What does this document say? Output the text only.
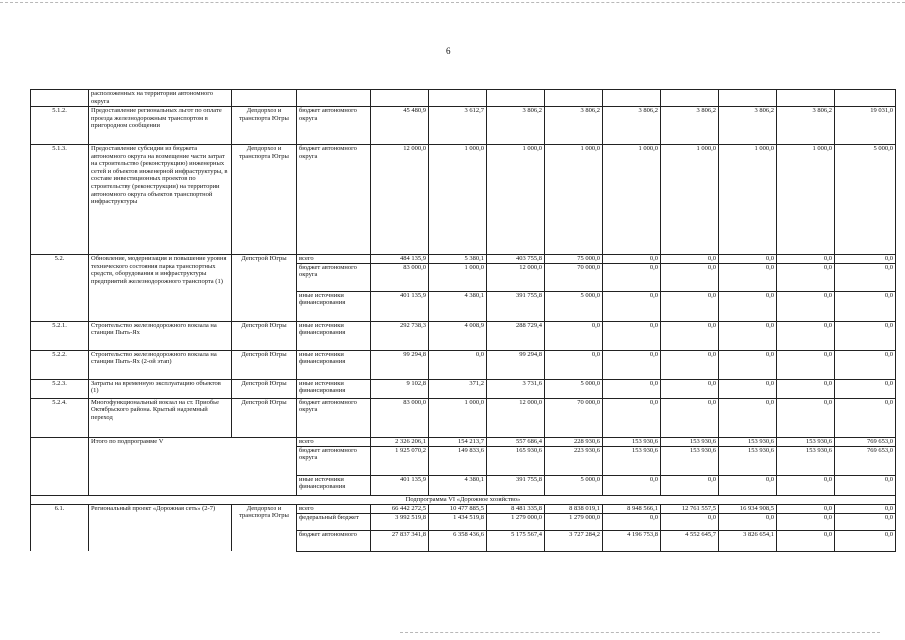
6
	расположенных на территории автономного округа											
5.1.2.	Предоставление региональных льгот по оплате проезда железнодорожным транспортом в пригородном сообщении	Депдорхоз и транспорта Югры	бюджет автономного округа	45 480,9	3 612,7	3 806,2	3 806,2	3 806,2	3 806,2	3 806,2	3 806,2	19 031,0
5.1.3.	Предоставление субсидии из бюджета автономного округа на возмещение части затрат на строительство (реконструкцию) инженерных сетей и объектов инженерной инфраструктуры, в составе инвестиционных проектов по строительству (реконструкции) на территории автономного округа объектов транспортной инфраструктуры	Депдорхоз и транспорта Югры	бюджет автономного округа	12 000,0	1 000,0	1 000,0	1 000,0	1 000,0	1 000,0	1 000,0	1 000,0	5 000,0
5.2.	Обновление, модернизация и повышение уровня технического состояния парка транспортных средств, оборудования и инфраструктуры предприятий железнодорожного транспорта (1)	Депстрой Югры	всего	484 135,9	5 380,1	403 755,8	75 000,0	0,0	0,0	0,0	0,0	0,0
			бюджет автономного округа	83 000,0	1 000,0	12 000,0	70 000,0	0,0	0,0	0,0	0,0	0,0
			иные источники финансирования	401 135,9	4 380,1	391 755,8	5 000,0	0,0	0,0	0,0	0,0	0,0
5.2.1.	Строительство железнодорожного вокзала на станции Пыть-Ях	Депстрой Югры	иные источники финансирования	292 738,3	4 008,9	288 729,4	0,0	0,0	0,0	0,0	0,0	0,0
5.2.2.	Строительство железнодорожного вокзала на станции Пыть-Ях (2-ой этап)	Депстрой Югры	иные источники финансирования	99 294,8	0,0	99 294,8	0,0	0,0	0,0	0,0	0,0	0,0
5.2.3.	Затраты на временную эксплуатацию объектов (1)	Депстрой Югры	иные источники финансирования	9 102,8	371,2	3 731,6	5 000,0	0,0	0,0	0,0	0,0	0,0
5.2.4.	Многофункциональный вокзал на ст. Приобье Октябрьского района. Крытый надземный переход	Депстрой Югры	бюджет автономного округа	83 000,0	1 000,0	12 000,0	70 000,0	0,0	0,0	0,0	0,0	0,0
	Итого по подпрограмме V		всего	2 326 206,1	154 213,7	557 686,4	228 930,6	153 930,6	153 930,6	153 930,6	153 930,6	769 653,0
			бюджет автономного округа	1 925 070,2	149 833,6	165 930,6	223 930,6	153 930,6	153 930,6	153 930,6	153 930,6	769 653,0
			иные источники финансирования	401 135,9	4 380,1	391 755,8	5 000,0	0,0	0,0	0,0	0,0	0,0
Подпрограмма VI «Дорожное хозяйство»												
6.1.	Региональный проект «Дорожная сеть» (2-7)	Депдорхоз и транспорта Югры	всего	66 442 272,5	10 477 885,5	8 481 335,8	8 838 019,1	8 948 566,1	12 761 557,5	16 934 908,5	0,0	0,0
			федеральный бюджет	3 992 519,8	1 434 519,8	1 279 000,0	1 279 000,0	0,0	0,0	0,0	0,0	0,0
			бюджет автономного	27 837 341,8	6 358 436,6	5 175 567,4	3 727 284,2	4 196 753,8	4 552 645,7	3 826 654,1	0,0	0,0
